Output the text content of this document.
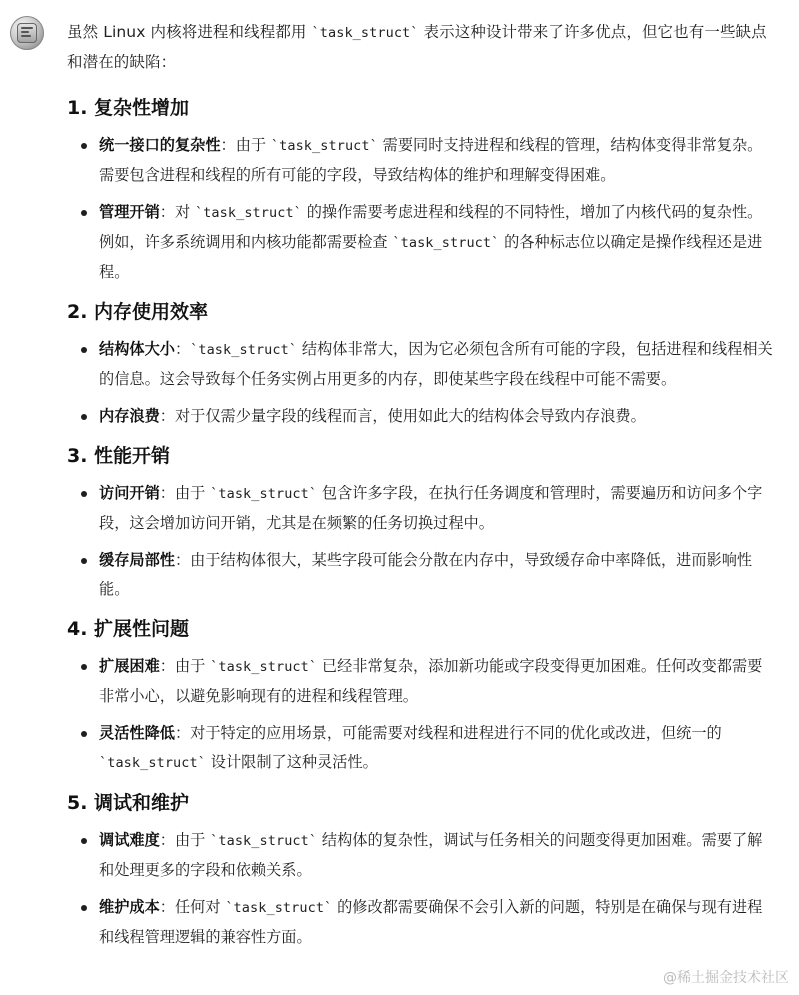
虽然 Linux 内核将进程和线程都用 `task_struct` 表示这种设计带来了许多优点，但它也有一些缺点和潜在的缺陷：

1. 复杂性增加
统一接口的复杂性：由于 `task_struct` 需要同时支持进程和线程的管理，结构体变得非常复杂。需要包含进程和线程的所有可能的字段，导致结构体的维护和理解变得困难。
管理开销：对 `task_struct` 的操作需要考虑进程和线程的不同特性，增加了内核代码的复杂性。例如，许多系统调用和内核功能都需要检查 `task_struct` 的各种标志位以确定是操作线程还是进程。
2. 内存使用效率
结构体大小：`task_struct` 结构体非常大，因为它必须包含所有可能的字段，包括进程和线程相关的信息。这会导致每个任务实例占用更多的内存，即使某些字段在线程中可能不需要。
内存浪费：对于仅需少量字段的线程而言，使用如此大的结构体会导致内存浪费。
3. 性能开销
访问开销：由于 `task_struct` 包含许多字段，在执行任务调度和管理时，需要遍历和访问多个字段，这会增加访问开销，尤其是在频繁的任务切换过程中。
缓存局部性：由于结构体很大，某些字段可能会分散在内存中，导致缓存命中率降低，进而影响性能。
4. 扩展性问题
扩展困难：由于 `task_struct` 已经非常复杂，添加新功能或字段变得更加困难。任何改变都需要非常小心，以避免影响现有的进程和线程管理。
灵活性降低：对于特定的应用场景，可能需要对线程和进程进行不同的优化或改进，但统一的 `task_struct` 设计限制了这种灵活性。
5. 调试和维护
调试难度：由于 `task_struct` 结构体的复杂性，调试与任务相关的问题变得更加困难。需要了解和处理更多的字段和依赖关系。
维护成本：任何对 `task_struct` 的修改都需要确保不会引入新的问题，特别是在确保与现有进程和线程管理逻辑的兼容性方面。
@稀土掘金技术社区
